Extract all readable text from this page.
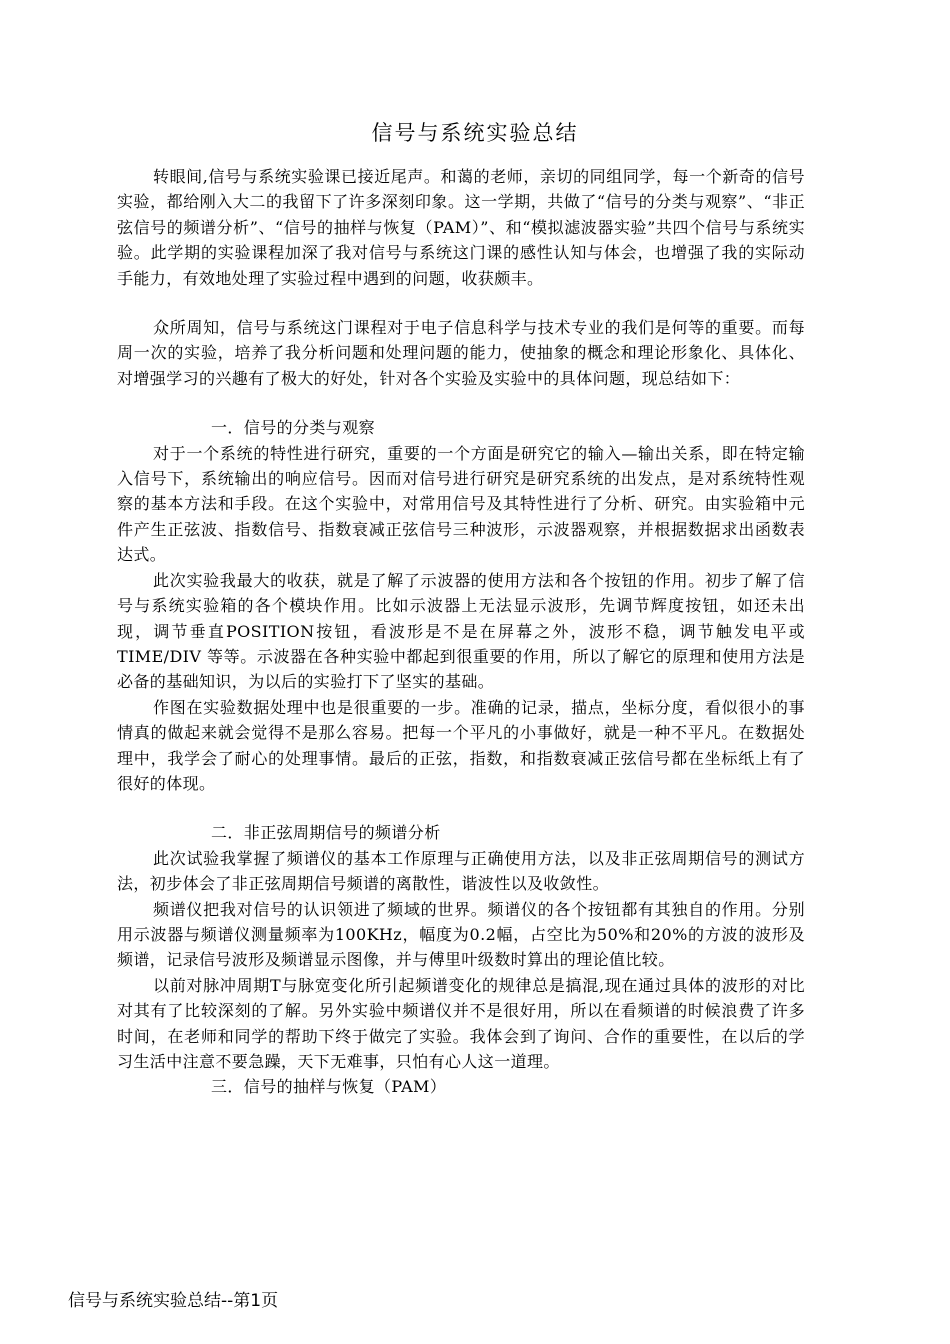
信号与系统实验总结

转眼间,信号与系统实验课已接近尾声。和蔼的老师，亲切的同组同学，每一个新奇的信号实验，都给刚入大二的我留下了许多深刻印象。这一学期，共做了“信号的分类与观察”、“非正弦信号的频谱分析”、“信号的抽样与恢复（PAM）”、和“模拟滤波器实验”共四个信号与系统实验。此学期的实验课程加深了我对信号与系统这门课的感性认知与体会，也增强了我的实际动手能力，有效地处理了实验过程中遇到的问题，收获颇丰。

众所周知，信号与系统这门课程对于电子信息科学与技术专业的我们是何等的重要。而每周一次的实验，培养了我分析问题和处理问题的能力，使抽象的概念和理论形象化、具体化、对增强学习的兴趣有了极大的好处，针对各个实验及实验中的具体问题，现总结如下：

一．信号的分类与观察

对于一个系统的特性进行研究，重要的一个方面是研究它的输入—输出关系，即在特定输入信号下，系统输出的响应信号。因而对信号进行研究是研究系统的出发点，是对系统特性观察的基本方法和手段。在这个实验中，对常用信号及其特性进行了分析、研究。由实验箱中元件产生正弦波、指数信号、指数衰减正弦信号三种波形，示波器观察，并根据数据求出函数表达式。

此次实验我最大的收获，就是了解了示波器的使用方法和各个按钮的作用。初步了解了信号与系统实验箱的各个模块作用。比如示波器上无法显示波形，先调节辉度按钮，如还未出现，调节垂直POSITION按钮，看波形是不是在屏幕之外，波形不稳，调节触发电平或TIME/DIV 等等。示波器在各种实验中都起到很重要的作用，所以了解它的原理和使用方法是必备的基础知识，为以后的实验打下了坚实的基础。

作图在实验数据处理中也是很重要的一步。准确的记录，描点，坐标分度，看似很小的事情真的做起来就会觉得不是那么容易。把每一个平凡的小事做好，就是一种不平凡。在数据处理中，我学会了耐心的处理事情。最后的正弦，指数，和指数衰减正弦信号都在坐标纸上有了很好的体现。

二．非正弦周期信号的频谱分析

此次试验我掌握了频谱仪的基本工作原理与正确使用方法，以及非正弦周期信号的测试方法，初步体会了非正弦周期信号频谱的离散性，谐波性以及收敛性。

频谱仪把我对信号的认识领进了频域的世界。频谱仪的各个按钮都有其独自的作用。分别用示波器与频谱仪测量频率为100KHz，幅度为0.2幅，占空比为50%和20%的方波的波形及频谱，记录信号波形及频谱显示图像，并与傅里叶级数时算出的理论值比较。

以前对脉冲周期T与脉宽变化所引起频谱变化的规律总是搞混,现在通过具体的波形的对比对其有了比较深刻的了解。另外实验中频谱仪并不是很好用，所以在看频谱的时候浪费了许多时间，在老师和同学的帮助下终于做完了实验。我体会到了询问、合作的重要性，在以后的学习生活中注意不要急躁，天下无难事，只怕有心人这一道理。

三．信号的抽样与恢复（PAM）

信号与系统实验总结--第1页
